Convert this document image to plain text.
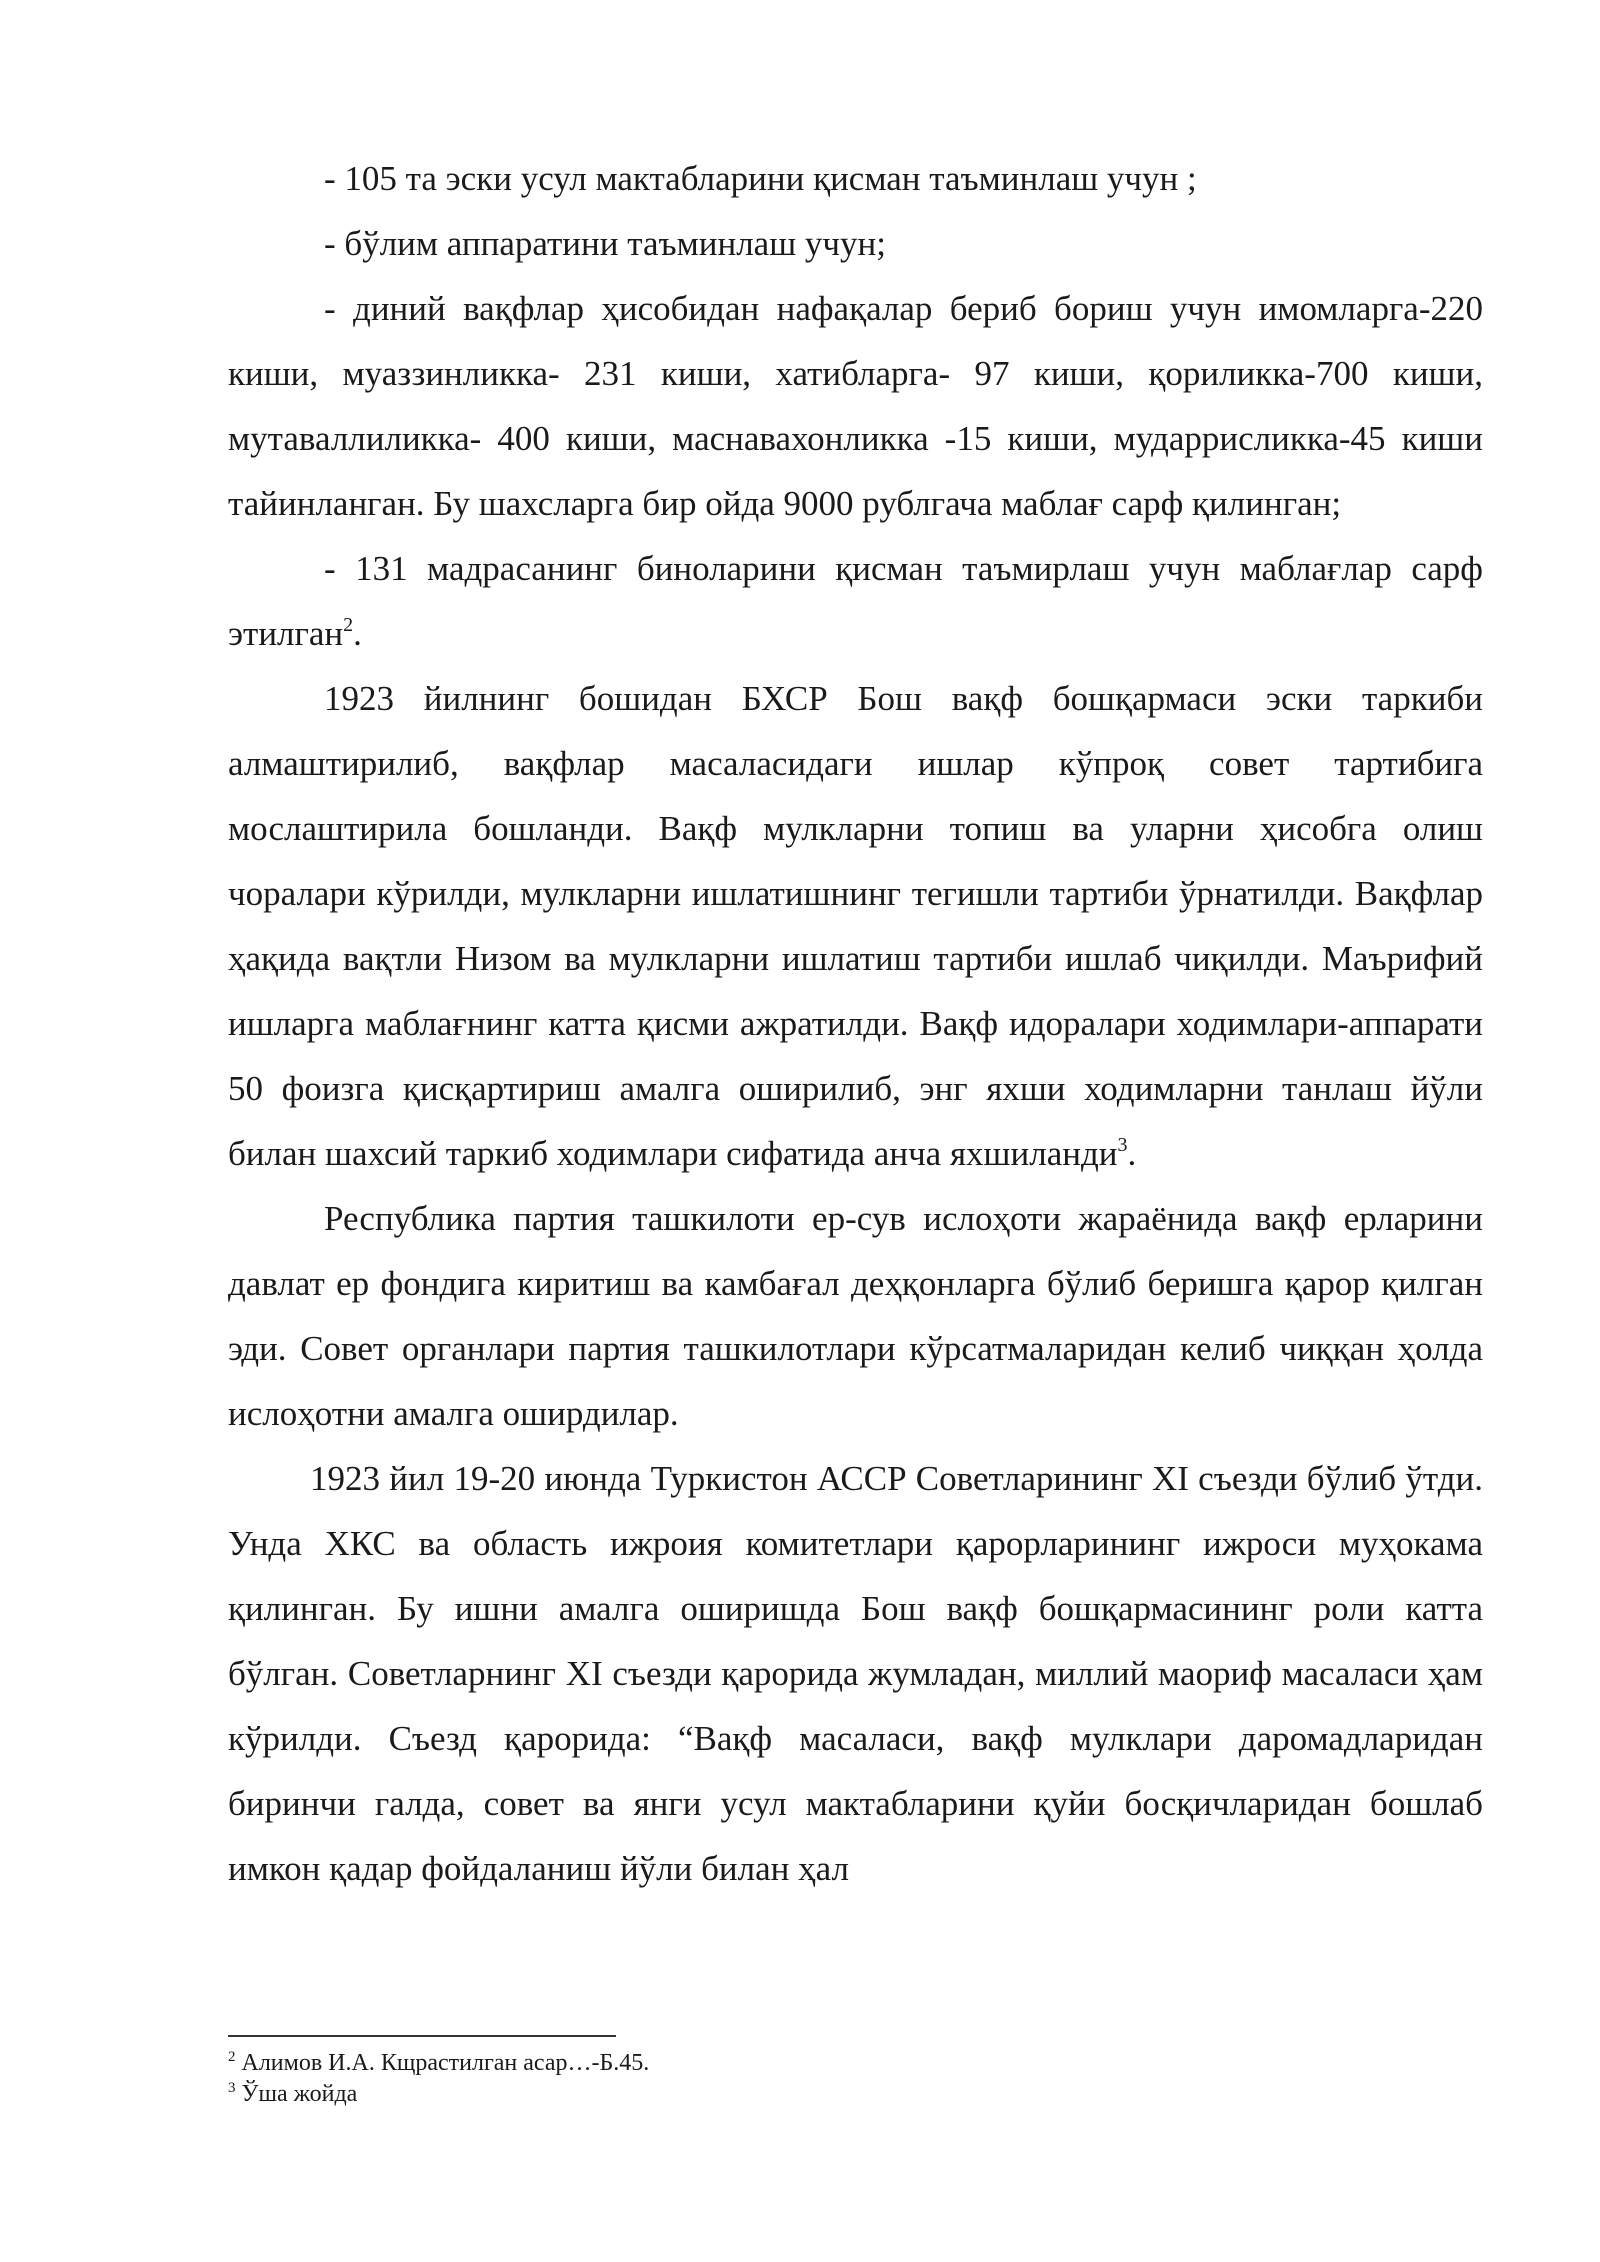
- 105 та эски усул мактабларини қисман таъминлаш учун ;

- бўлим аппаратини таъминлаш учун;

- диний вақфлар ҳисобидан нафақалар бериб бориш учун имомларга-220 киши, муаззинликка- 231 киши, хатибларга- 97 киши, қориликка-700 киши, мутаваллиликка- 400 киши, маснавахонликка -15 киши, мударрисликка-45 киши тайинланган. Бу шахсларга бир ойда 9000 рублгача маблағ сарф қилинган;

- 131 мадрасанинг биноларини қисман таъмирлаш учун маблағлар сарф этилган$^2$.

1923 йилнинг бошидан БХСР Бош вақф бошқармаси эски таркиби алмаштирилиб, вақфлар масаласидаги ишлар кўпроқ совет тартибига мослаштирила бошланди. Вақф мулкларни топиш ва уларни ҳисобга олиш чоралари кўрилди, мулкларни ишлатишнинг тегишли тартиби ўрнатилди. Вақфлар ҳақида вақтли Низом ва мулкларни ишлатиш тартиби ишлаб чиқилди. Маърифий ишларга маблағнинг катта қисми ажратилди. Вақф идоралари ходимлари-аппарати 50 фоизга қисқартириш амалга оширилиб, энг яхши ходимларни танлаш йўли билан шахсий таркиб ходимлари сифатида анча яхшиланди$^3$.

Республика партия ташкилоти ер-сув ислоҳоти жараёнида вақф ерларини давлат ер фондига киритиш ва камбағал деҳқонларга бўлиб беришга қарор қилган эди. Совет органлари партия ташкилотлари кўрсатмаларидан келиб чиққан ҳолда ислоҳотни амалга оширдилар.

1923 йил 19-20 июнда Туркистон АССР Советларининг XI съезди бўлиб ўтди. Унда ХКС ва область ижроия комитетлари қарорларининг ижроси муҳокама қилинган. Бу ишни амалга оширишда Бош вақф бошқармасининг роли катта бўлган. Советларнинг XI съезди қарорида жумладан, миллий маориф масаласи ҳам кўрилди. Съезд қарорида: “Вақф масаласи, вақф мулклари даромадларидан биринчи галда, совет ва янги усул мактабларини қуйи босқичларидан бошлаб имкон қадар фойдаланиш йўли билан ҳал

$^2$ Алимов И.А. Кщрастилган асар…-Б.45.

$^3$ Ўша жойда
